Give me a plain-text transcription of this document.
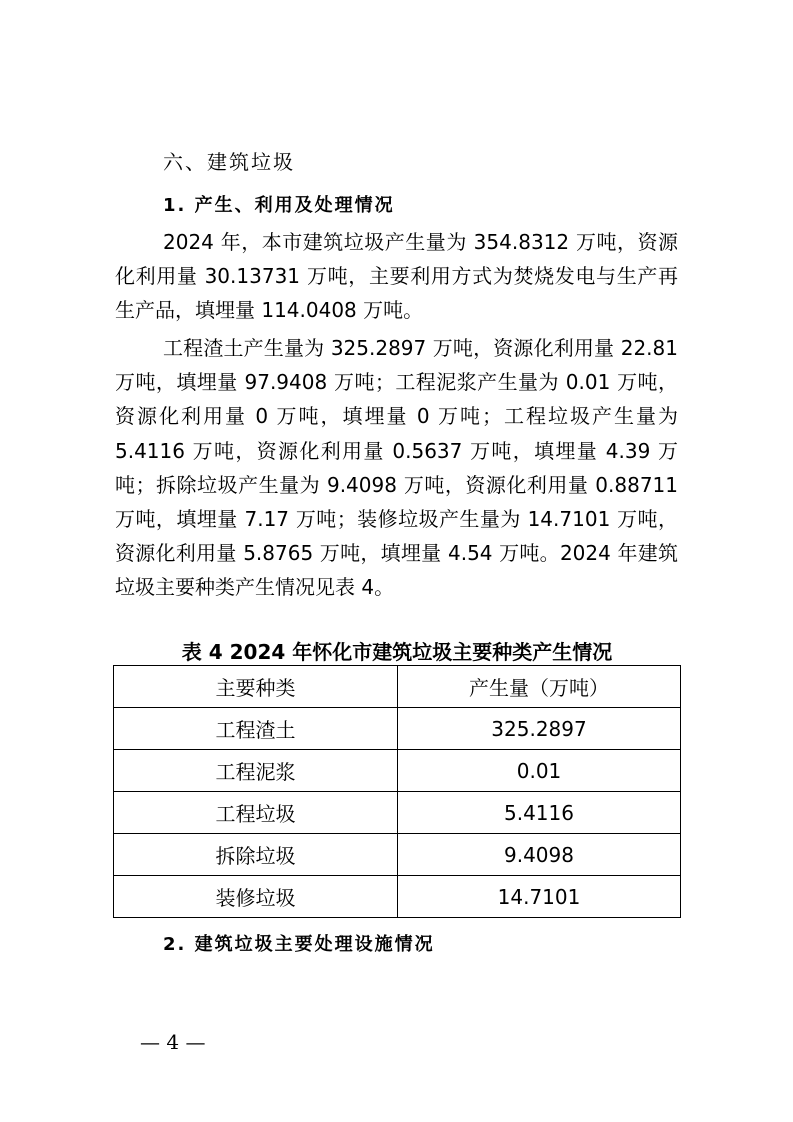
六、建筑垃圾
1. 产生、利用及处理情况

2024 年，本市建筑垃圾产生量为 354.8312 万吨，资源化利用量 30.13731 万吨，主要利用方式为焚烧发电与生产再生产品，填埋量 114.0408 万吨。

工程渣土产生量为 325.2897 万吨，资源化利用量 22.81 万吨，填埋量 97.9408 万吨；工程泥浆产生量为 0.01 万吨，资源化利用量 0 万吨，填埋量 0 万吨；工程垃圾产生量为 5.4116 万吨，资源化利用量 0.5637 万吨，填埋量 4.39 万吨；拆除垃圾产生量为 9.4098 万吨，资源化利用量 0.88711 万吨，填埋量 7.17 万吨；装修垃圾产生量为 14.7101 万吨，资源化利用量 5.8765 万吨，填埋量 4.54 万吨。2024 年建筑垃圾主要种类产生情况见表 4。

表 4 2024 年怀化市建筑垃圾主要种类产生情况
主要种类	产生量（万吨）
工程渣土	325.2897
工程泥浆	0.01
工程垃圾	5.4116
拆除垃圾	9.4098
装修垃圾	14.7101
2. 建筑垃圾主要处理设施情况
— 4 —
